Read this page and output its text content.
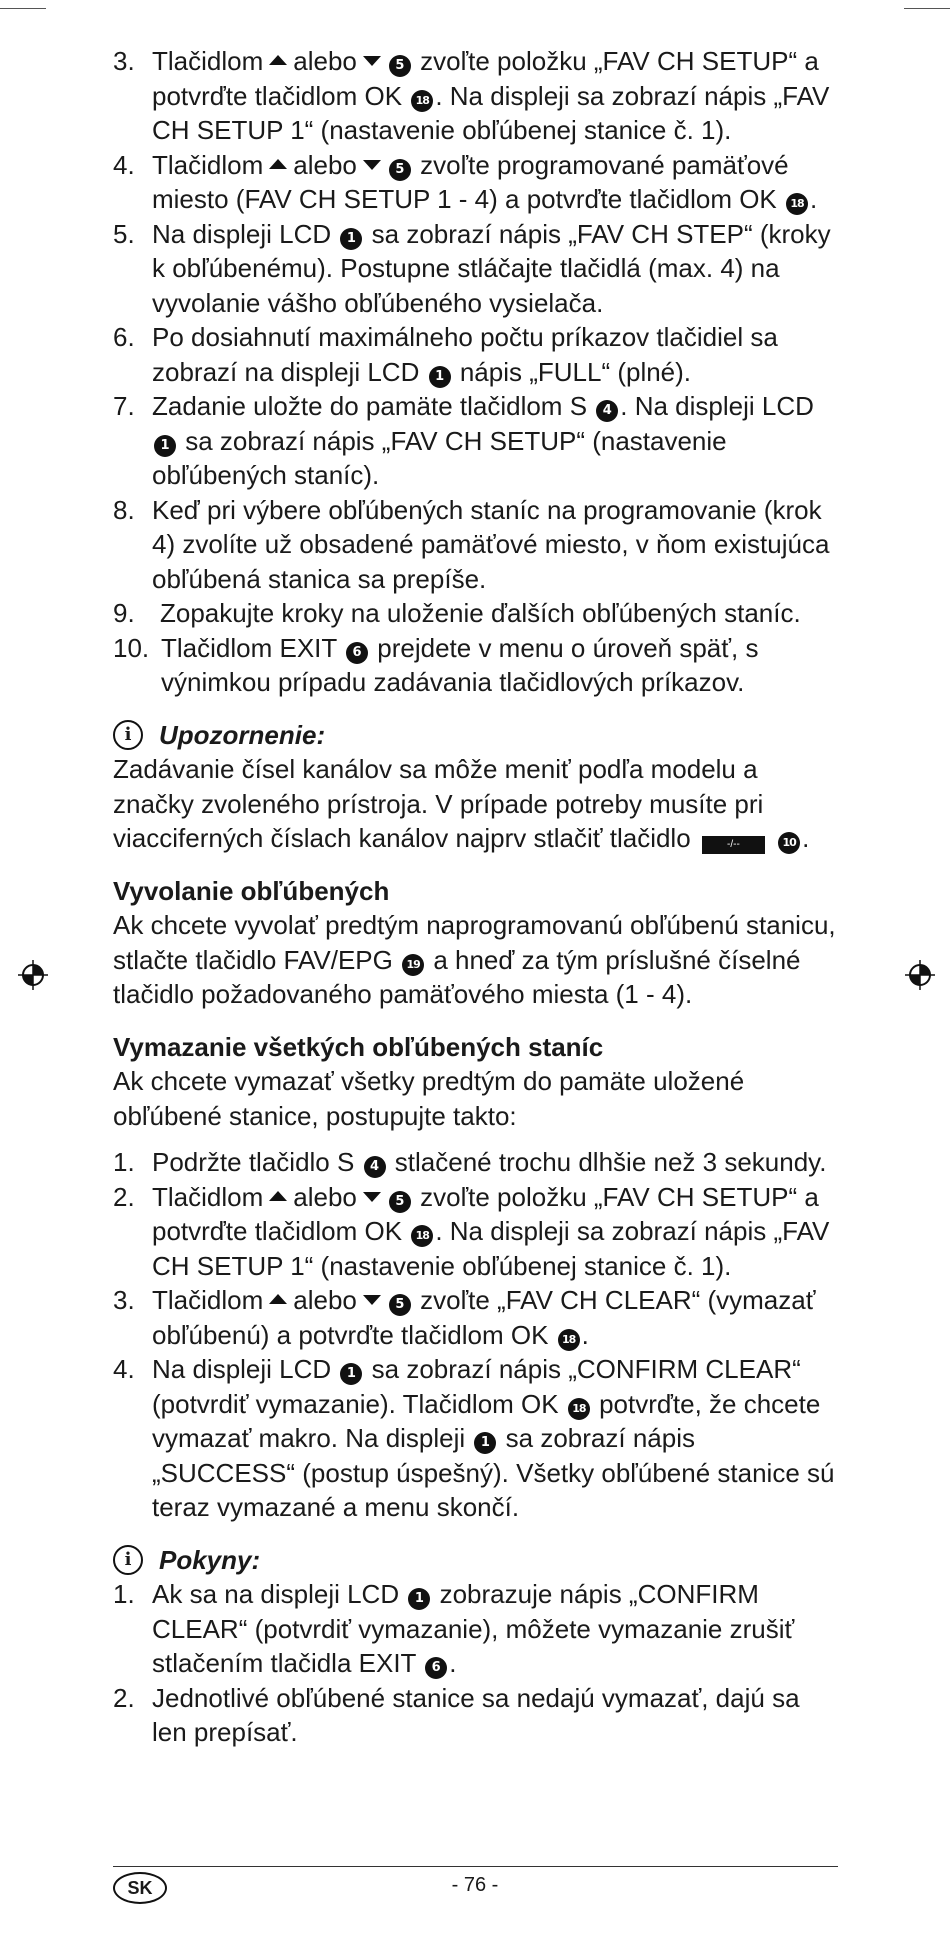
3. Tlačidlom alebo	5 zvoľte položku „FAV CH SETUP“ a potvrďte tlačidlom OK 18 . Na displeji sa zobrazí nápis „FAV CH SETUP 1“ (nastavenie obľúbenej stanice č. 1).
4. Tlačidlom alebo	5 zvoľte programované pamäťové miesto (FAV CH SETUP 1 - 4) a potvrďte tlačidlom OK 18 .
5. Na displeji LCD 1 sa zobrazí nápis „FAV CH STEP“ (kroky k obľúbenému). Postupne stláčajte tlačidlá (max. 4) na vyvolanie vášho obľúbeného vysielača.
6. Po dosiahnutí maximálneho počtu príkazov tlačidiel sa zobrazí na displeji LCD 1 nápis „FULL“ (plné).
7. Zadanie uložte do pamäte tlačidlom S 4 . Na displeji LCD 1 sa zobrazí nápis „FAV CH SETUP“ (nastavenie obľúbených staníc).
8. Keď pri výbere obľúbených staníc na programovanie (krok 4) zvolíte už obsadené pamäťové miesto, v ňom existujúca obľúbená stanica sa prepíše.
9. Zopakujte kroky na uloženie ďalších obľúbených staníc.
10. Tlačidlom EXIT 6 prejdete v menu o úroveň späť, s výnimkou prípadu zadávania tlačidlových príkazov.
i	Upozornenie:

Zadávanie čísel kanálov sa môže meniť podľa modelu a značky zvoleného prístroja. V prípade potreby musíte pri viacciferných číslach kanálov najprv stlačiť tlačidlo	-/--	10 .

Vyvolanie obľúbených

Ak chcete vyvolať predtým naprogramovanú obľúbenú stanicu, stlačte tlačidlo FAV/EPG 19 a hneď za tým príslušné číselné tlačidlo požadovaného pamäťového miesta (1 - 4).

Vymazanie všetkých obľúbených staníc

Ak chcete vymazať všetky predtým do pamäte uložené obľúbené stanice, postupujte takto:

1. Podržte tlačidlo S 4 stlačené trochu dlhšie než 3 sekundy.
2. Tlačidlom alebo	5 zvoľte položku „FAV CH SETUP“ a potvrďte tlačidlom OK 18 . Na displeji sa zobrazí nápis „FAV CH SETUP 1“ (nastavenie obľúbenej stanice č. 1).
3. Tlačidlom alebo	5 zvoľte „FAV CH CLEAR“ (vymazať obľúbenú) a potvrďte tlačidlom OK 18 .
4. Na displeji LCD 1 sa zobrazí nápis „CONFIRM CLEAR“ (potvrdiť vymazanie). Tlačidlom OK 18 potvrďte, že chcete vymazať makro. Na displeji 1 sa zobrazí nápis „SUCCESS“ (postup úspešný). Všetky obľúbené stanice sú teraz vymazané a menu skončí.
i	Pokyny:
1. Ak sa na displeji LCD 1 zobrazuje nápis „CONFIRM CLEAR“ (potvrdiť vymazanie), môžete vymazanie zrušiť stlačením tlačidla EXIT 6 .
2. Jednotlivé obľúbené stanice sa nedajú vymazať, dajú sa len prepísať.
SK	- 76 -
